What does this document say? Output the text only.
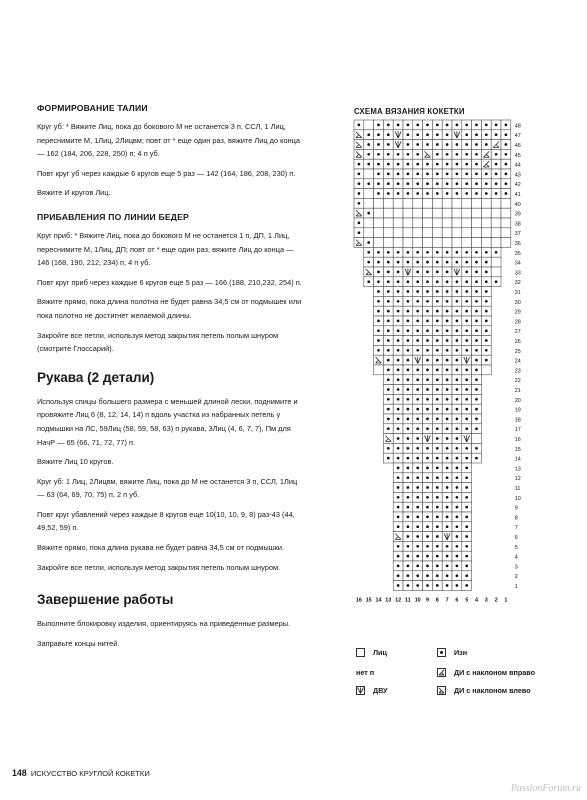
ФОРМИРОВАНИЕ ТАЛИИ

Круг уб: * Вяжите Лиц, пока до бокового М не останется 3 п, ССЛ, 1 Лиц, переснимите М, 1Лиц, 2Лицвм; повт от * еще один раз, вяжите Лиц до конца — 162 (184, 206, 228, 250) п; 4 п уб.

Повт круг уб через каждые 6 кругов еще 5 раз — 142 (164, 186, 208, 230) п.

Вяжите И кругов Лиц.

ПРИБАВЛЕНИЯ ПО ЛИНИИ БЕДЕР

Круг приб: * Вяжите Лиц, пока до бокового М не останется 1 п, ДП, 1 Лиц, переснимите М, 1Лиц, ДП; повт от * еще один раз, вяжите Лиц до конца — 146 (168, 190, 212, 234) п, 4 п уб.

Повт круг приб через каждые 6 кругов еще 5 раз — 166 (188, 210,232, 254) п.

Вяжите прямо, пока длина полотна не будет равна 34,5 см от подмышек или пока полотно не достигнет желаемой длины.

Закройте все петли, используя метод закрытия петель полым шнуром (смотрите Глоссарий).

Рукава (2 детали)

Используя спицы большего размера с меньшей длиной лески, поднимите и провяжите Лиц 6 (8, 12, 14, 14) п вдоль участка из набранных петель у подмышки на ЛС, 59Лиц (58, 59, 58, 63) п рукава, 3Лиц (4, 6, 7, 7), Пм для НачР — 65 (66, 71, 72, 77) п.

Вяжите Лиц 10 кругов.

Круг уб: 1 Лиц, 2Лицвм, вяжите Лиц, пока до М не останется 3 п, ССЛ, 1Лиц — 63 (64, 69, 70, 75) п, 2 п уб.

Повт круг убавлений через каждые 8 кругов еще 10(10, 10, 9, 8) раз-43 (44, 49,52, 59) п.

Вяжите прямо, пока длина рукава не будет равна 34,5 см от подмышки.

Закройте все петли, используя метод закрытия петель полым шнуром.

Завершение работы

Выполните блокировку изделия, ориентируясь на приведенные размеры.

Заправьте концы нитей.

СХЕМА ВЯЗАНИЯ КОКЕТКИ
48
47
46
45
44
43
42
41
40
39
38
37
36
35
34
33
32
31
30
29
28
27
26
25
24
23
22
21
20
19
18
17
16
15
14
13
12
11
10
9
8
7
6
5
4
3
2
1
16 15 14 13 12 11 10 9 8 7 6 5 4 3 2 1
Лиц
нет п
ДВУ
Изн
ДИ с наклоном вправо
ДИ с наклоном влево
148 ИСКУССТВО КРУГЛОЙ КОКЕТКИ
PassionForum.ru
